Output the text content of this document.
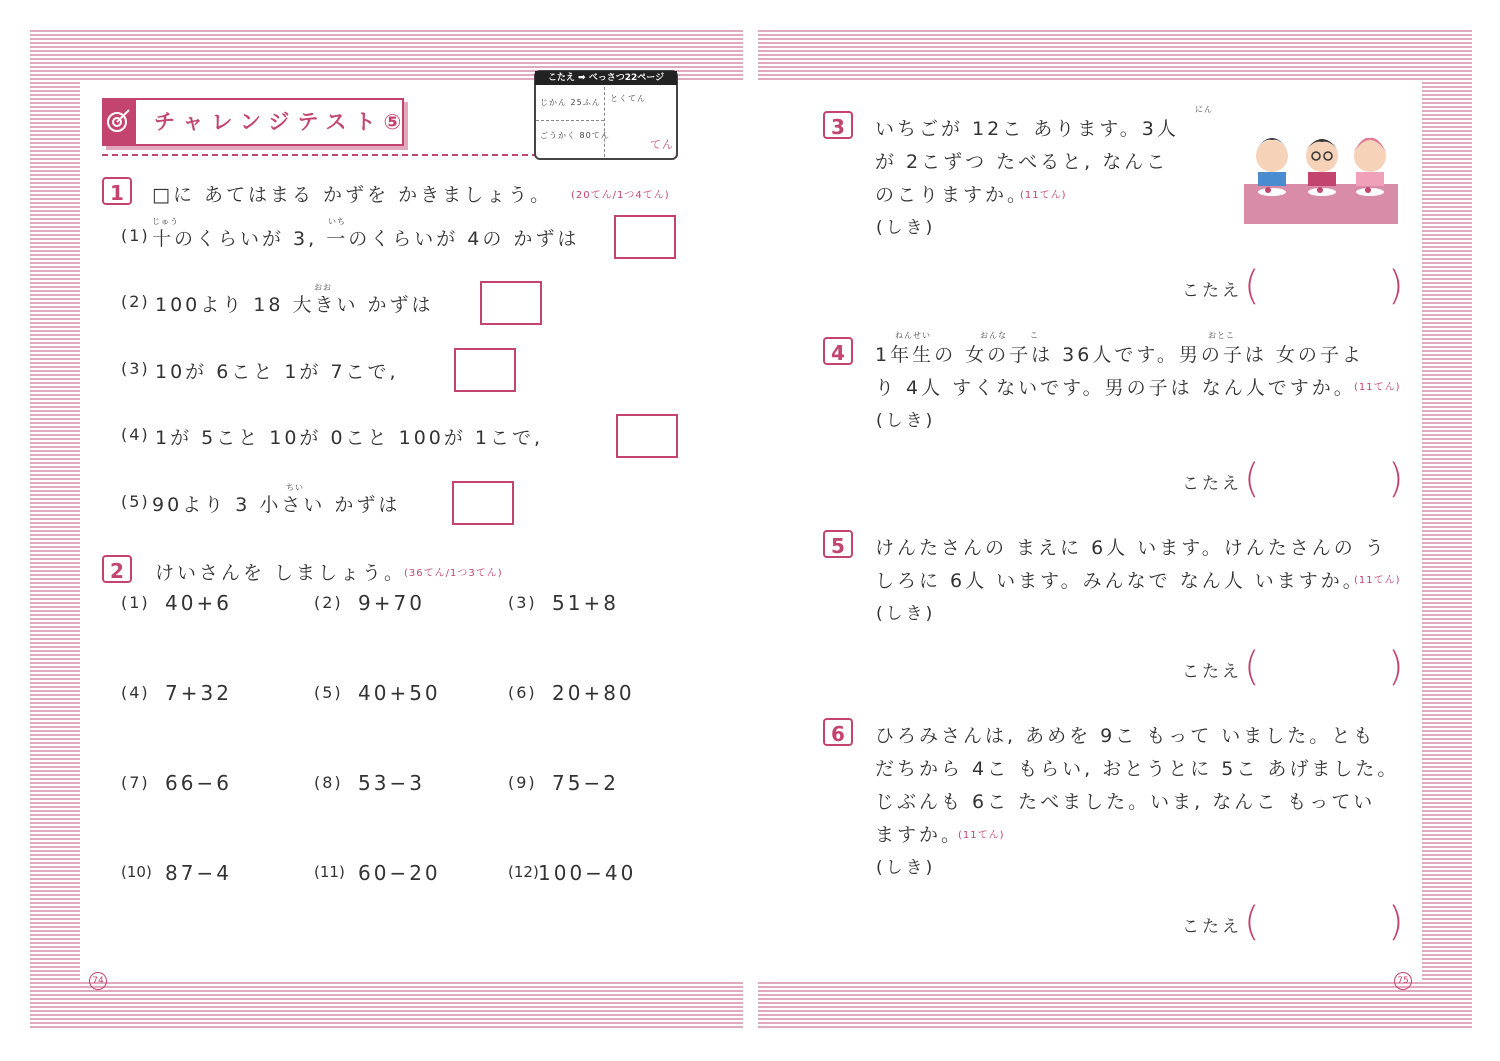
チャレンジテスト⑤
こたえ ➡ べっさつ22ページ
じかん 25ふん とくてん
ごうかく 80てん
てん
1	□に あてはまる かずを かきましょう。 (20てん/1つ4てん)
じゅう	いち
(1) 十のくらいが 3, 一のくらいが 4の かずは
おお
(2) 100より 18 大きい かずは
(3) 10が 6こと 1が 7こで,
(4) 1が 5こと 10が 0こと 100が 1こで,
ちい
(5) 90より 3 小さい かずは
2	けいさんを しましょう。
(36てん/1つ3てん)
(1) 40+6	(2) 9+70	(3) 51+8
(4) 7+32	(5) 40+50	(6) 20+80
(7) 66−6	(8) 53−3	(9) 75−2
(10) 87−4	(11) 60−20	(12) 100−40
74
3
にん
いちごが 12こ あります。3人
が 2こずつ たべると, なんこ
のこりますか。
(11てん)
(しき)
こたえ (	)
4
ねんせい	おんな	こ	おとこ
1年生の 女の子は 36人です。男の子は 女の子よ
り 4人 すくないです。男の子は なん人ですか。
(11てん)
(しき)
こたえ (	)
5	けんたさんの まえに 6人 います。けんたさんの う
しろに 6人 います。みんなで なん人 いますか。
(11てん)
(しき)
こたえ (	)
6	ひろみさんは, あめを 9こ もって いました。とも
だちから 4こ もらい, おとうとに 5こ あげました。
じぶんも 6こ たべました。いま, なんこ もってい
ますか。
(11てん)
(しき)
こたえ (	)
75
